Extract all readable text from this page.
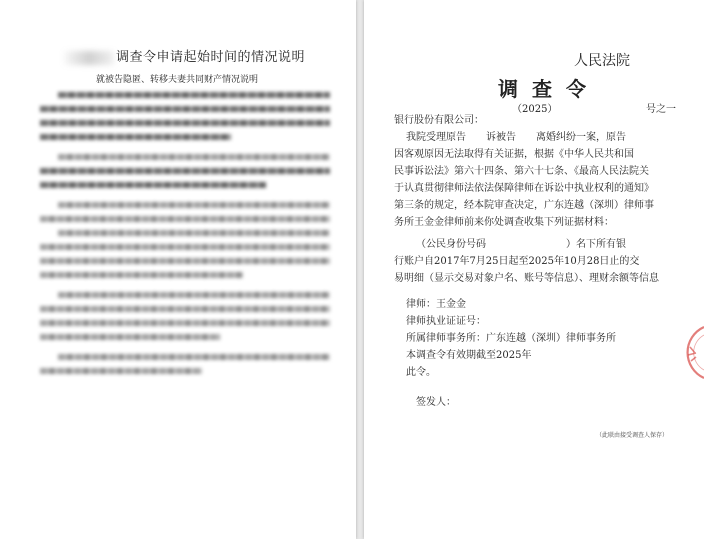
调查令申请起始时间的情况说明
就被告隐匿、转移夫妻共同财产情况说明
人民法院
调查令
（2025）	号之一
银行股份有限公司：
我院受理原告　　诉被告　　离婚纠纷一案，原告
因客观原因无法取得有关证据，根据《中华人民共和国
民事诉讼法》第六十四条、第六十七条、《最高人民法院关
于认真贯彻律师法依法保障律师在诉讼中执业权利的通知》
第三条的规定，经本院审查决定，广东连越（深圳）律师事
务所王金金律师前来你处调查收集下列证据材料：
（公民身份号码　　　　　　　　）名下所有银
行账户自2017年7月25日起至2025年10月28日止的交
易明细（显示交易对象户名、账号等信息）、理财余额等信息
律师：王金金
律师执业证证号：
所属律师事务所：广东连越（深圳）律师事务所
本调查令有效期截至2025年
此令。
签发人：
（此联由接受调查人保存）
